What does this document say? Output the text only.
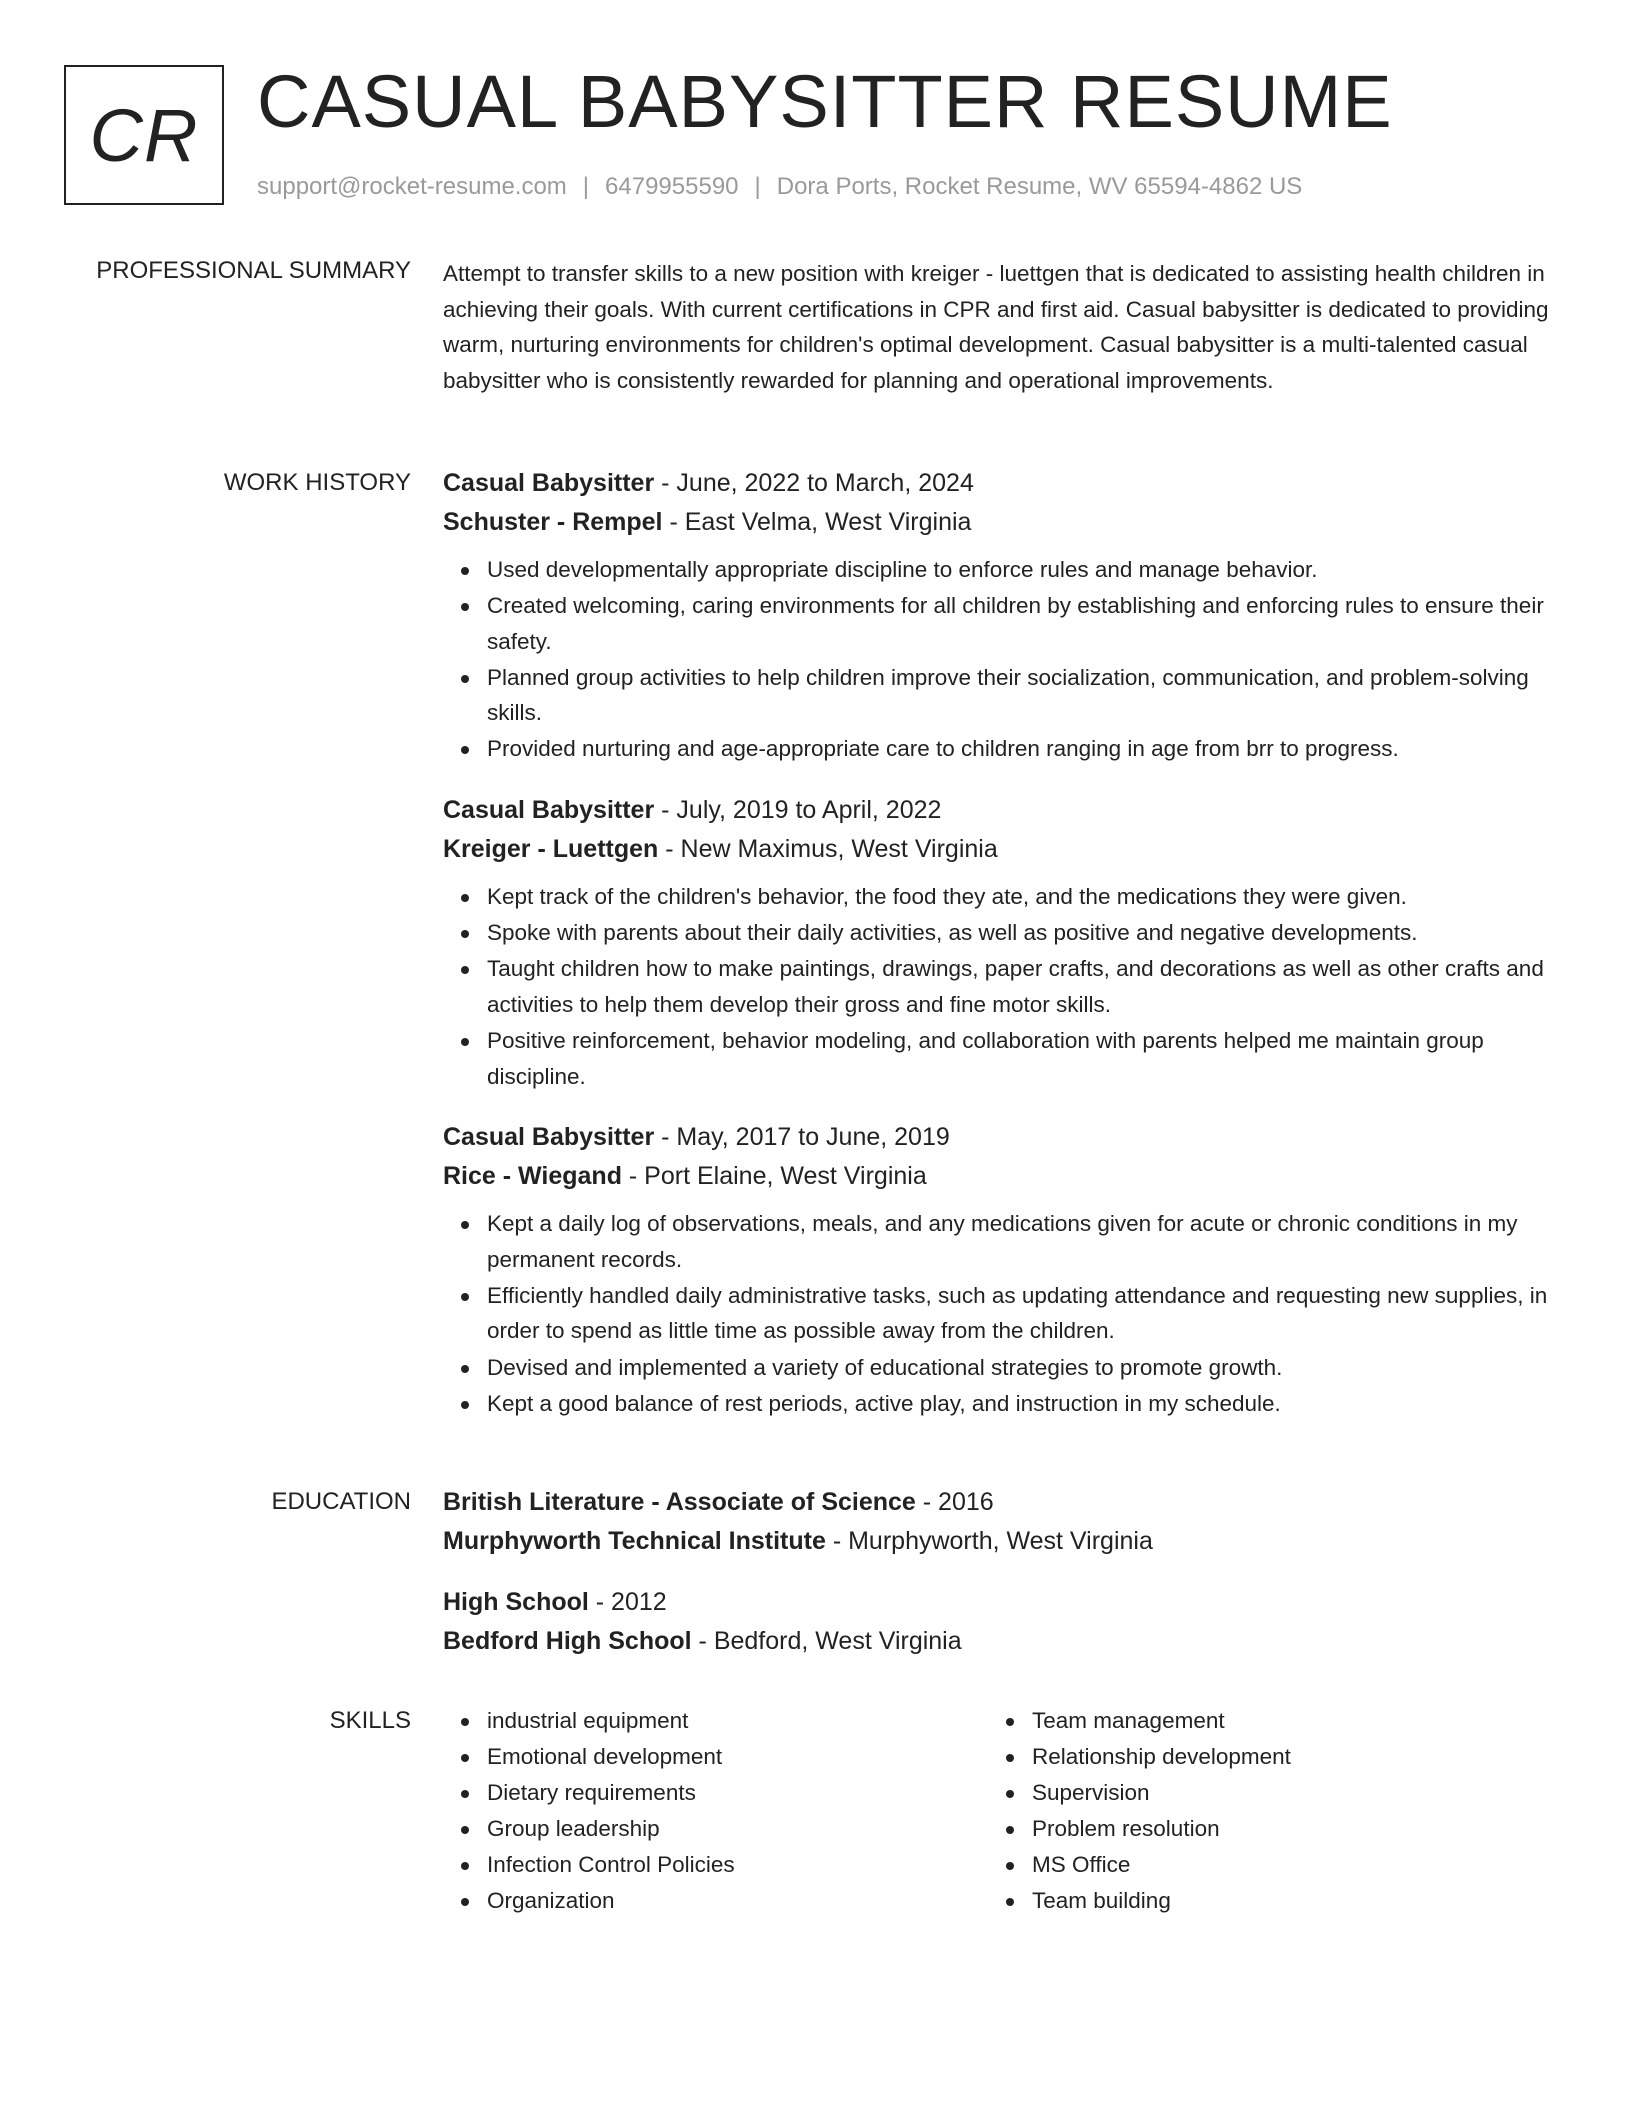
CR CASUAL BABYSITTER RESUME
support@rocket-resume.com | 6479955590 | Dora Ports, Rocket Resume, WV 65594-4862 US
PROFESSIONAL SUMMARY Attempt to transfer skills to a new position with kreiger - luettgen that is dedicated to assisting health children in achieving their goals. With current certifications in CPR and first aid. Casual babysitter is dedicated to providing warm, nurturing environments for children's optimal development. Casual babysitter is a multi-talented casual babysitter who is consistently rewarded for planning and operational improvements.

WORK HISTORY Casual Babysitter - June, 2022 to March, 2024
Schuster - Rempel - East Velma, West Virginia
Used developmentally appropriate discipline to enforce rules and manage behavior.
Created welcoming, caring environments for all children by establishing and enforcing rules to ensure their safety.
Planned group activities to help children improve their socialization, communication, and problem-solving skills.
Provided nurturing and age-appropriate care to children ranging in age from brr to progress.
Casual Babysitter - July, 2019 to April, 2022
Kreiger - Luettgen - New Maximus, West Virginia
Kept track of the children's behavior, the food they ate, and the medications they were given.
Spoke with parents about their daily activities, as well as positive and negative developments.
Taught children how to make paintings, drawings, paper crafts, and decorations as well as other crafts and activities to help them develop their gross and fine motor skills.
Positive reinforcement, behavior modeling, and collaboration with parents helped me maintain group discipline.
Casual Babysitter - May, 2017 to June, 2019
Rice - Wiegand - Port Elaine, West Virginia
Kept a daily log of observations, meals, and any medications given for acute or chronic conditions in my permanent records.
Efficiently handled daily administrative tasks, such as updating attendance and requesting new supplies, in order to spend as little time as possible away from the children.
Devised and implemented a variety of educational strategies to promote growth.
Kept a good balance of rest periods, active play, and instruction in my schedule.
EDUCATION British Literature - Associate of Science - 2016
Murphyworth Technical Institute - Murphyworth, West Virginia
High School - 2012
Bedford High School - Bedford, West Virginia
SKILLS	industrial equipment
Emotional development
Dietary requirements
Group leadership
Infection Control Policies
Organization
Team management
Relationship development
Supervision
Problem resolution
MS Office
Team building
